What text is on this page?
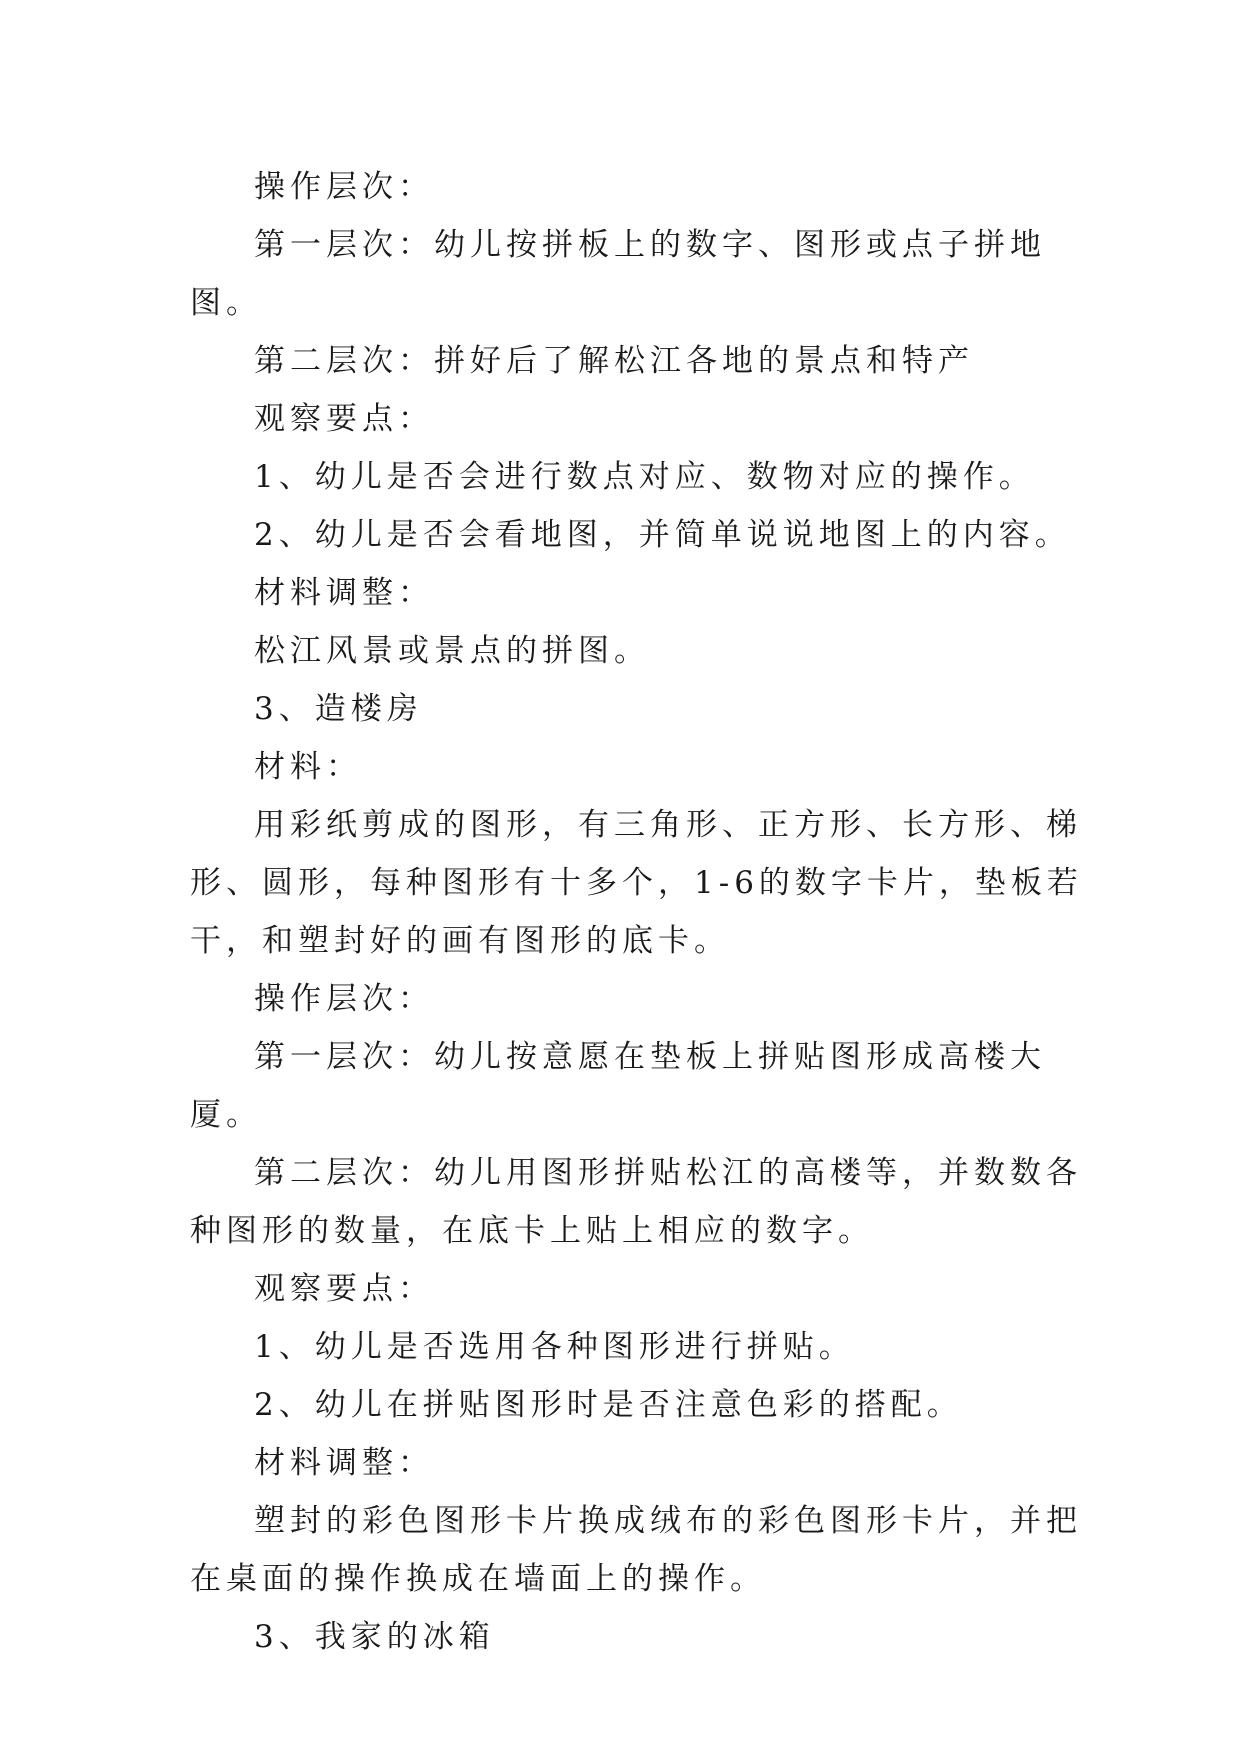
操作层次：

第一层次：幼儿按拼板上的数字、图形或点子拼地图。

第二层次：拼好后了解松江各地的景点和特产

观察要点：

1、幼儿是否会进行数点对应、数物对应的操作。

2、幼儿是否会看地图，并简单说说地图上的内容。

材料调整：

松江风景或景点的拼图。

3、造楼房

材料：

用彩纸剪成的图形，有三角形、正方形、长方形、梯形、圆形，每种图形有十多个，1-6的数字卡片，垫板若干，和塑封好的画有图形的底卡。

操作层次：

第一层次：幼儿按意愿在垫板上拼贴图形成高楼大厦。

第二层次：幼儿用图形拼贴松江的高楼等，并数数各种图形的数量，在底卡上贴上相应的数字。

观察要点：

1、幼儿是否选用各种图形进行拼贴。

2、幼儿在拼贴图形时是否注意色彩的搭配。

材料调整：

塑封的彩色图形卡片换成绒布的彩色图形卡片，并把在桌面的操作换成在墙面上的操作。

3、我家的冰箱
